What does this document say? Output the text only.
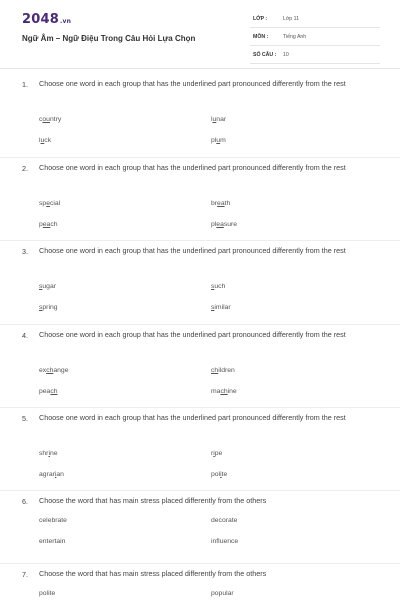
2048.vn
Ngữ Âm – Ngữ Điệu Trong Câu Hỏi Lựa Chọn
LỚP :	Lớp 11
MÔN :	Tiếng Anh
SỐ CÂU : 10
1. Choose one word in each group that has the underlined part pronounced differently from the rest
country	lunar
luck	plum
2. Choose one word in each group that has the underlined part pronounced differently from the rest
special	breath
peach	pleasure
3. Choose one word in each group that has the underlined part pronounced differently from the rest
sugar	such
spring	similar
4. Choose one word in each group that has the underlined part pronounced differently from the rest
exchange	children
peach	machine
5. Choose one word in each group that has the underlined part pronounced differently from the rest
shrine	ripe
agrarian	polite
6. Choose the word that has main stress placed differently from the others
celebrate	decorate
entertain	influence
7. Choose the word that has main stress placed differently from the others
polite	popular
